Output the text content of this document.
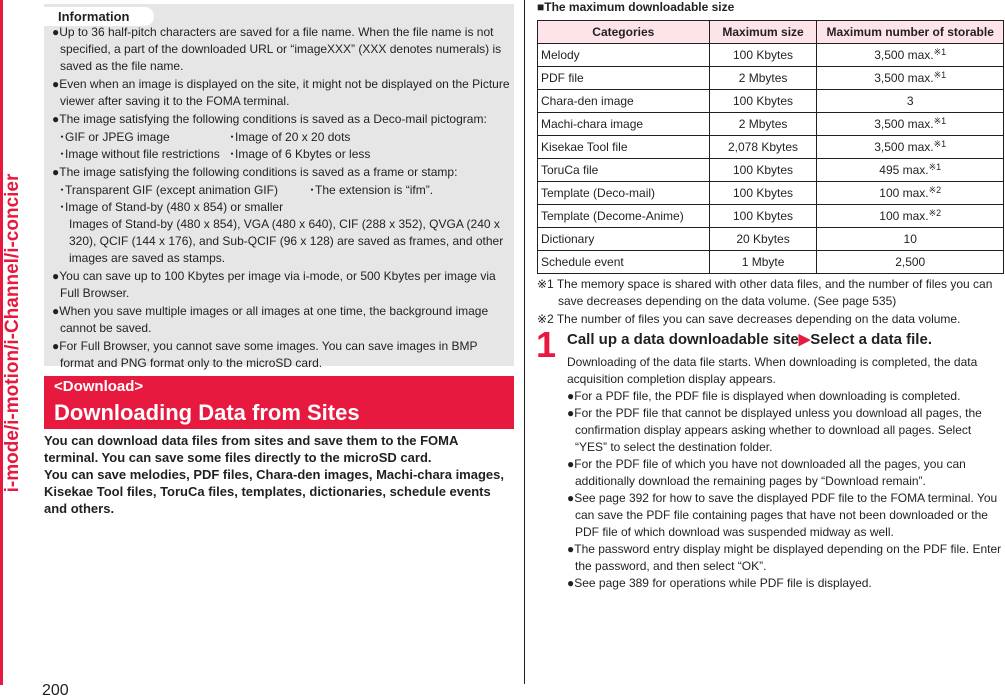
i-mode/i-motion/i-Channel/i-concier
200
Information

●Up to 36 half-pitch characters are saved for a file name. When the file name is not specified, a part of the downloaded URL or “imageXXX” (XXX denotes numerals) is saved as the file name.

●Even when an image is displayed on the site, it might not be displayed on the Picture viewer after saving it to the FOMA terminal.

●The image satisfying the following conditions is saved as a Deco-mail pictogram:

･GIF or JPEG image	･Image of 20 x 20 dots
･Image without file restrictions ･Image of 6 Kbytes or less

●The image satisfying the following conditions is saved as a frame or stamp:

･Transparent GIF (except animation GIF)	･The extension is “ifm”.
･Image of Stand-by (480 x 854) or smaller
Images of Stand-by (480 x 854), VGA (480 x 640), CIF (288 x 352), QVGA (240 x 320), QCIF (144 x 176), and Sub-QCIF (96 x 128) are saved as frames, and other images are saved as stamps.

●You can save up to 100 Kbytes per image via i-mode, or 500 Kbytes per image via Full Browser.

●When you save multiple images or all images at one time, the background image cannot be saved.

●For Full Browser, you cannot save some images. You can save images in BMP format and PNG format only to the microSD card.

<Download>
Downloading Data from Sites

You can download data files from sites and save them to the FOMA terminal. You can save some files directly to the microSD card.

You can save melodies, PDF files, Chara-den images, Machi-chara images, Kisekae Tool files, ToruCa files, templates, dictionaries, schedule events and others.

■The maximum downloadable size
Categories	Maximum size	Maximum number of storable
Melody	100 Kbytes	3,500 max.$^{※1}$
PDF file	2 Mbytes	3,500 max.$^{※1}$
Chara-den image	100 Kbytes	3
Machi-chara image	2 Mbytes	3,500 max.$^{※1}$
Kisekae Tool file	2,078 Kbytes	3,500 max.$^{※1}$
ToruCa file	100 Kbytes	495 max.$^{※1}$
Template (Deco-mail)	100 Kbytes	100 max.$^{※2}$
Template (Decome-Anime)	100 Kbytes	100 max.$^{※2}$
Dictionary	20 Kbytes	10
Schedule event	1 Mbyte	2,500

※1 The memory space is shared with other data files, and the number of files you can save decreases depending on the data volume. (See page 535)

※2 The number of files you can save decreases depending on the data volume.

1 Call up a data downloadable site▶Select a data file.

Downloading of the data file starts. When downloading is completed, the data acquisition completion display appears.

●For a PDF file, the PDF file is displayed when downloading is completed.

●For the PDF file that cannot be displayed unless you download all pages, the confirmation display appears asking whether to download all pages. Select “YES” to select the destination folder.

●For the PDF file of which you have not downloaded all the pages, you can additionally download the remaining pages by “Download remain”.

●See page 392 for how to save the displayed PDF file to the FOMA terminal. You can save the PDF file containing pages that have not been downloaded or the PDF file of which download was suspended midway as well.

●The password entry display might be displayed depending on the PDF file. Enter the password, and then select “OK”.

●See page 389 for operations while PDF file is displayed.
